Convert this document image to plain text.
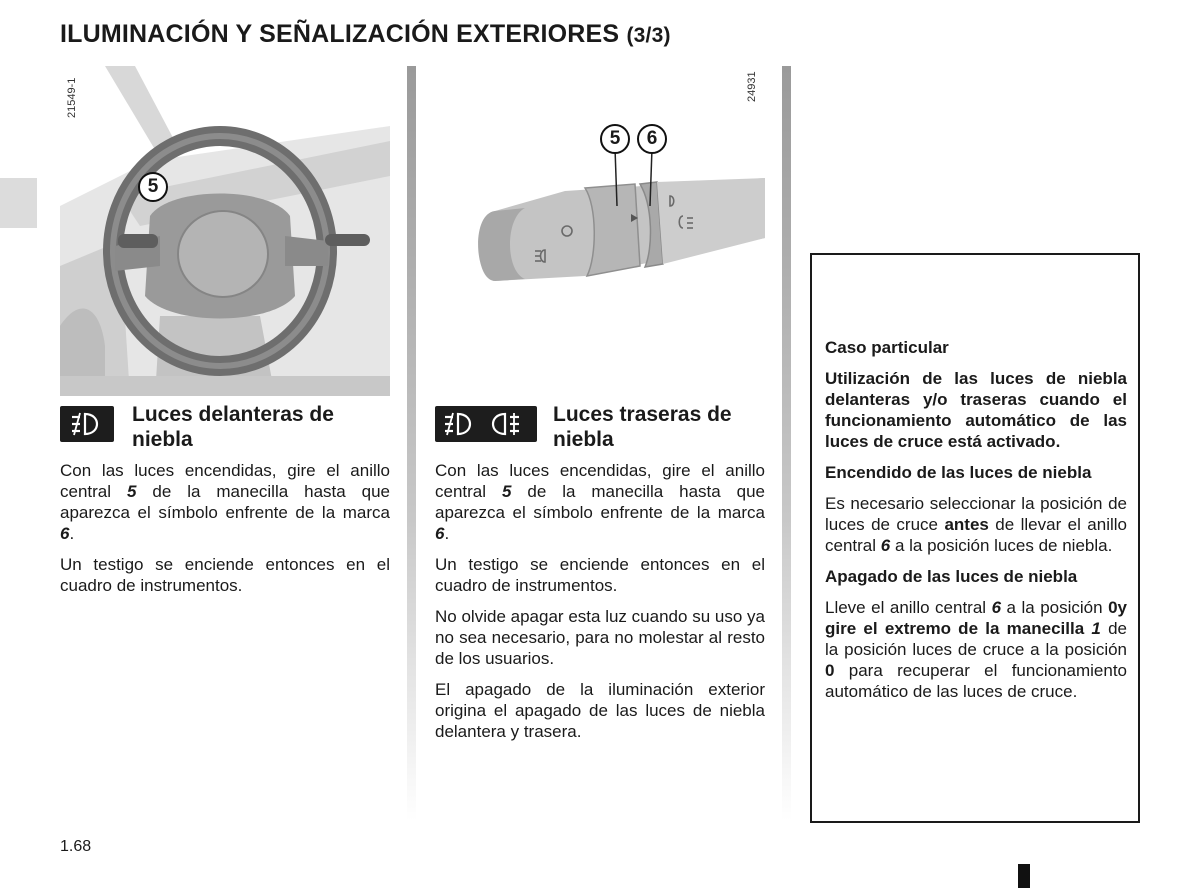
ILUMINACIÓN Y SEÑALIZACIÓN EXTERIORES (3/3)
21549-1
5
24931
5	6
Luces delanteras de niebla

Con las luces encendidas, gire el anillo central 5 de la manecilla hasta que aparezca el símbolo enfrente de la marca 6.

Un testigo se enciende entonces en el cuadro de instrumentos.

Luces traseras de niebla

Con las luces encendidas, gire el anillo central 5 de la manecilla hasta que aparezca el símbolo enfrente de la marca 6.

Un testigo se enciende entonces en el cuadro de instrumentos.

No olvide apagar esta luz cuando su uso ya no sea necesario, para no molestar al resto de los usuarios.

El apagado de la iluminación exterior origina el apagado de las luces de niebla delantera y trasera.

Caso particular

Utilización de las luces de niebla delanteras y/o traseras cuando el funcionamiento automático de las luces de cruce está activado.

Encendido de las luces de niebla

Es necesario seleccionar la posición de luces de cruce antes de llevar el anillo central 6 a la posición luces de niebla.

Apagado de las luces de niebla

Lleve el anillo central 6 a la posición 0y gire el extremo de la manecilla 1 de la posición luces de cruce a la posición 0 para recuperar el funcionamiento automático de las luces de cruce.

1.68
